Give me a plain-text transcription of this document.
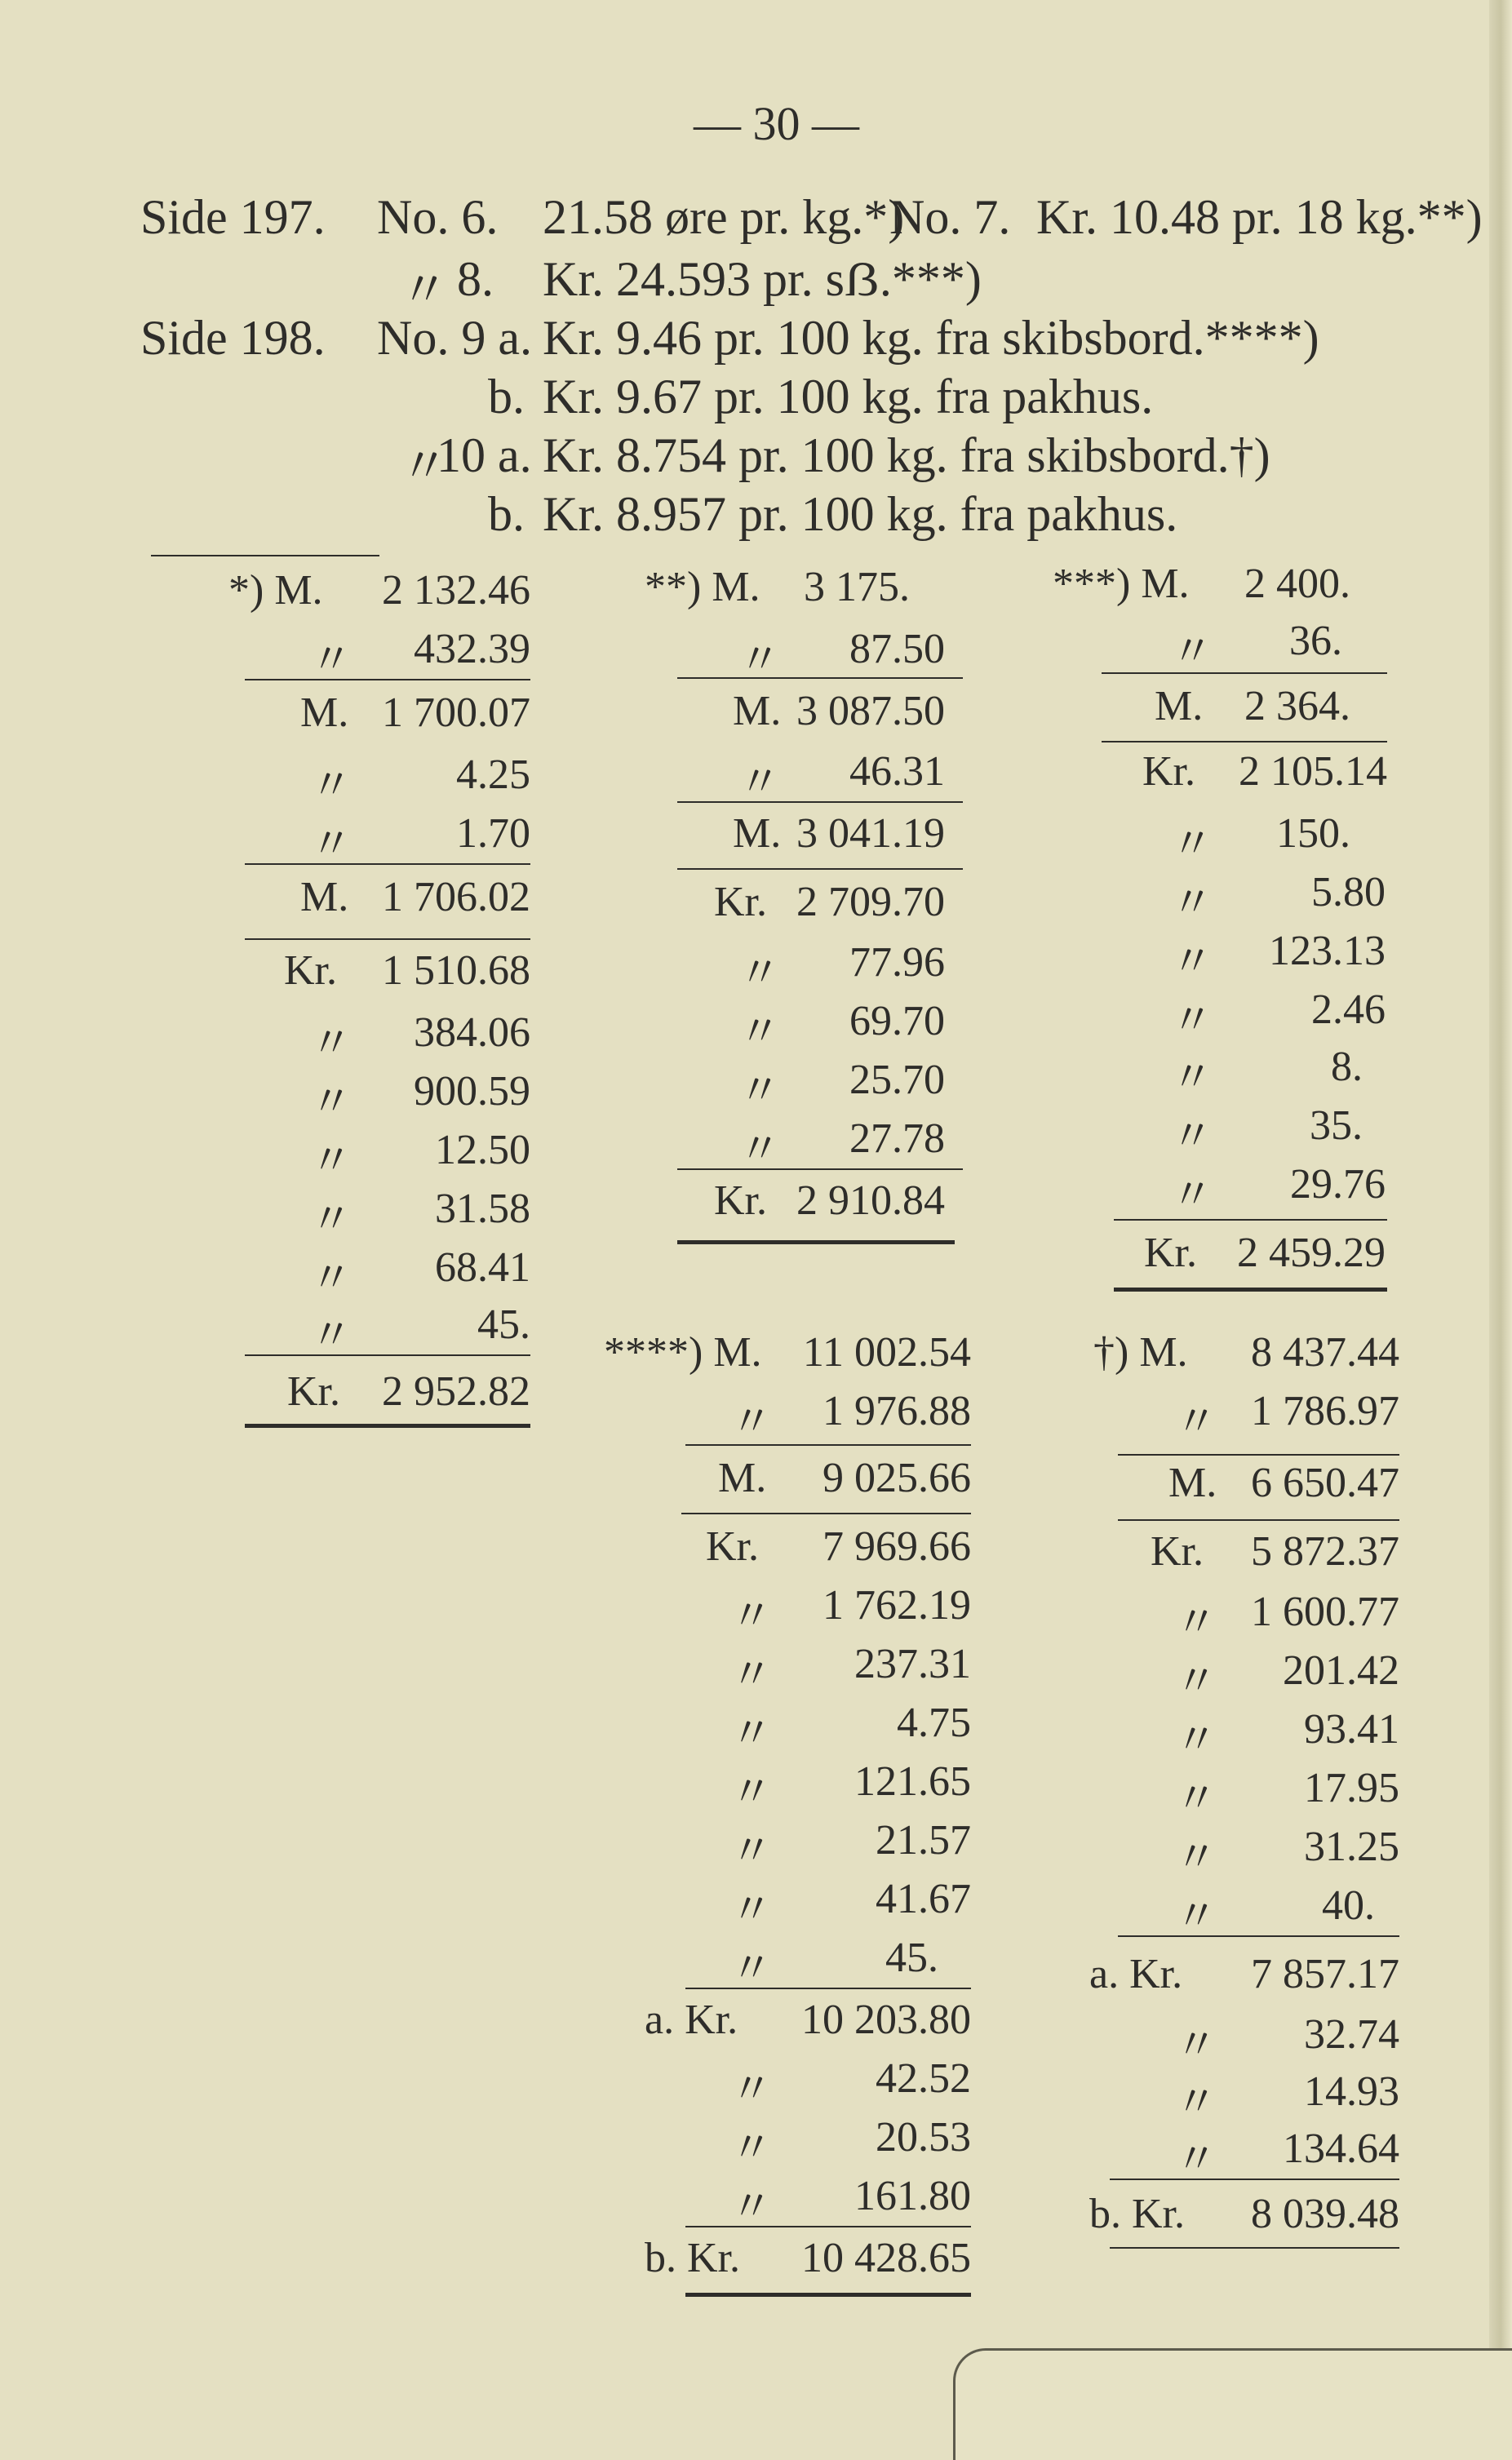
— 30 —
Side 197. No. 6. 21.58 øre pr. kg.*)
No. 7. Kr. 10.48 pr. 18 kg.**)
〃 8. Kr. 24.593 pr. sẞ.***)
Side 198. No. 9 a. Kr. 9.46 pr. 100 kg. fra skibsbord.****)
b. Kr. 9.67 pr. 100 kg. fra pakhus.
〃
10 a. Kr. 8.754 pr. 100 kg. fra skibsbord.†)
b. Kr. 8.957 pr. 100 kg. fra pakhus.
*) M. 2 132.46
〃 432.39
M. 1 700.07
〃 4.25
〃 1.70
M. 1 706.02
Kr. 1 510.68
〃 384.06
〃 900.59
〃 12.50
〃 31.58
〃 68.41
〃	45.
Kr. 2 952.82
**) M. 3 175.
〃 87.50
M. 3 087.50
〃 46.31
M. 3 041.19
Kr. 2 709.70
〃 77.96
〃 69.70
〃 25.70
〃 27.78
Kr. 2 910.84
***) M. 2 400.
〃 36.
M. 2 364.
Kr. 2 105.14
〃 150.
〃 5.80
〃 123.13
〃 2.46
〃	8.
〃 35.
〃 29.76
Kr. 2 459.29
****) M. 11 002.54
〃 1 976.88
M. 9 025.66
Kr. 7 969.66
〃 1 762.19
〃 237.31
〃	4.75
〃 121.65
〃 21.57
〃 41.67
〃	45.
a. Kr. 10 203.80
〃 42.52
〃 20.53
〃 161.80
b. Kr. 10 428.65
†) M. 8 437.44
〃 1 786.97
M. 6 650.47
Kr. 5 872.37
〃 1 600.77
〃 201.42
〃 93.41
〃 17.95
〃 31.25
〃 40.
a. Kr. 7 857.17
〃 32.74
〃 14.93
〃 134.64
b. Kr. 8 039.48
